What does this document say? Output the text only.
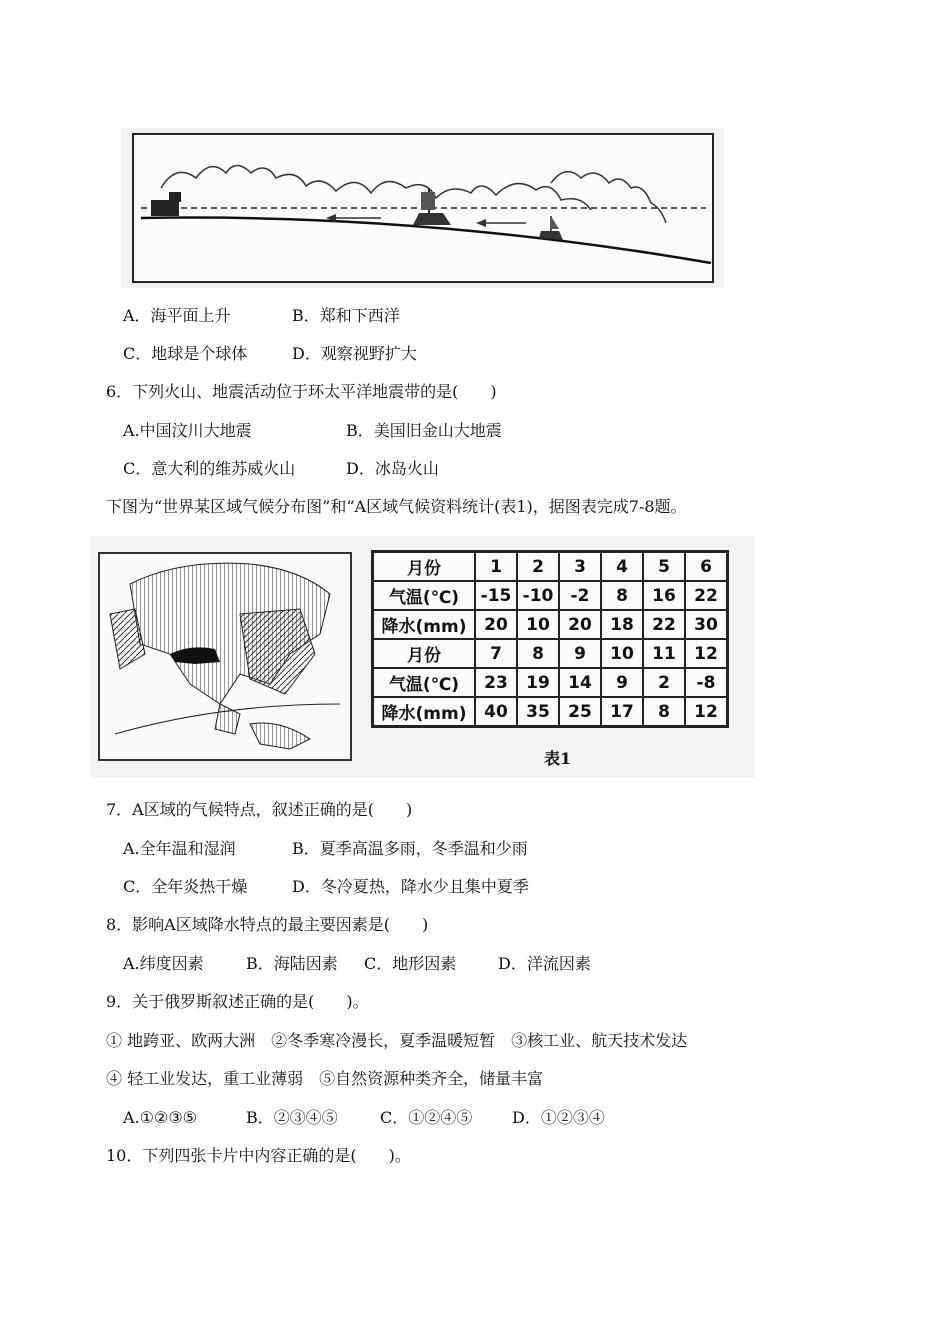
A．海平面上升	B．郑和下西洋
C．地球是个球体	D．观察视野扩大
6．下列火山、地震活动位于环太平洋地震带的是(　　)
A.中国汶川大地震	B．美国旧金山大地震
C．意大利的维苏威火山	D．冰岛火山
下图为“世界某区域气候分布图”和“A区域气候资料统计(表1)，据图表完成7-8题。
月份	1	2	3	4	5	6
气温(℃)	-15	-10	-2	8	16	22
降水(mm)	20	10	20	18	22	30
月份	7	8	9	10	11	12
气温(℃)	23	19	14	9	2	-8
降水(mm)	40	35	25	17	8	12
表1
7．A区域的气候特点，叙述正确的是(　　)
A.全年温和湿润	B．夏季高温多雨，冬季温和少雨
C．全年炎热干燥	D．冬冷夏热，降水少且集中夏季
8．影响A区域降水特点的最主要因素是(　　)
A.纬度因素	B．海陆因素 C．地形因素	D．洋流因素
9．关于俄罗斯叙述正确的是(　　)。
① 地跨亚、欧两大洲　②冬季寒冷漫长，夏季温暖短暂　③核工业、航天技术发达
④ 轻工业发达，重工业薄弱　⑤自然资源种类齐全，储量丰富
A.①②③⑤	B．②③④⑤	C．①②④⑤ D．①②③④
10．下列四张卡片中内容正确的是(　　)。
